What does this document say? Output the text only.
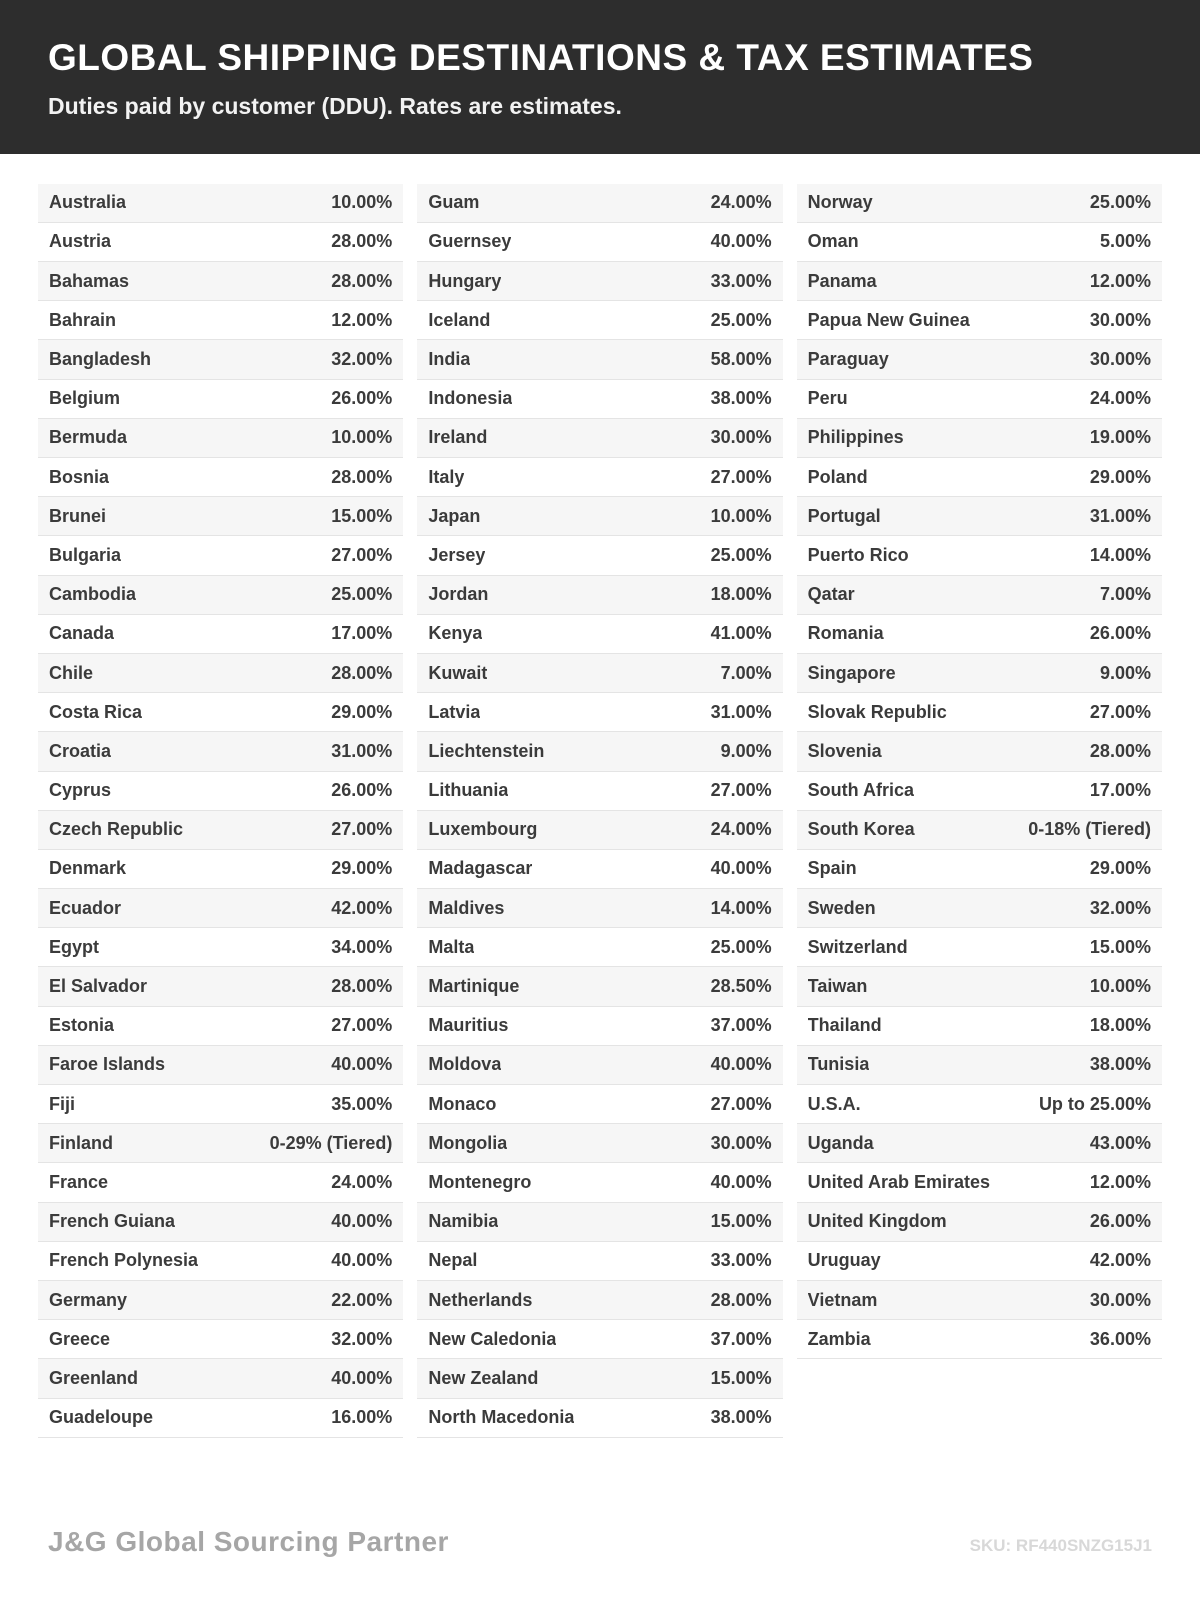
GLOBAL SHIPPING DESTINATIONS & TAX ESTIMATES
Duties paid by customer (DDU). Rates are estimates.
Australia	10.00%
Austria	28.00%
Bahamas	28.00%
Bahrain	12.00%
Bangladesh	32.00%
Belgium	26.00%
Bermuda	10.00%
Bosnia	28.00%
Brunei	15.00%
Bulgaria	27.00%
Cambodia	25.00%
Canada	17.00%
Chile	28.00%
Costa Rica	29.00%
Croatia	31.00%
Cyprus	26.00%
Czech Republic	27.00%
Denmark	29.00%
Ecuador	42.00%
Egypt	34.00%
El Salvador	28.00%
Estonia	27.00%
Faroe Islands	40.00%
Fiji	35.00%
Finland	0-29% (Tiered)
France	24.00%
French Guiana	40.00%
French Polynesia	40.00%
Germany	22.00%
Greece	32.00%
Greenland	40.00%
Guadeloupe	16.00%
Guam	24.00%
Guernsey	40.00%
Hungary	33.00%
Iceland	25.00%
India	58.00%
Indonesia	38.00%
Ireland	30.00%
Italy	27.00%
Japan	10.00%
Jersey	25.00%
Jordan	18.00%
Kenya	41.00%
Kuwait	7.00%
Latvia	31.00%
Liechtenstein	9.00%
Lithuania	27.00%
Luxembourg	24.00%
Madagascar	40.00%
Maldives	14.00%
Malta	25.00%
Martinique	28.50%
Mauritius	37.00%
Moldova	40.00%
Monaco	27.00%
Mongolia	30.00%
Montenegro	40.00%
Namibia	15.00%
Nepal	33.00%
Netherlands	28.00%
New Caledonia	37.00%
New Zealand	15.00%
North Macedonia	38.00%
Norway	25.00%
Oman	5.00%
Panama	12.00%
Papua New Guinea	30.00%
Paraguay	30.00%
Peru	24.00%
Philippines	19.00%
Poland	29.00%
Portugal	31.00%
Puerto Rico	14.00%
Qatar	7.00%
Romania	26.00%
Singapore	9.00%
Slovak Republic	27.00%
Slovenia	28.00%
South Africa	17.00%
South Korea	0-18% (Tiered)
Spain	29.00%
Sweden	32.00%
Switzerland	15.00%
Taiwan	10.00%
Thailand	18.00%
Tunisia	38.00%
U.S.A.	Up to 25.00%
Uganda	43.00%
United Arab Emirates	12.00%
United Kingdom	26.00%
Uruguay	42.00%
Vietnam	30.00%
Zambia	36.00%
J&G Global Sourcing Partner	SKU: RF440SNZG15J1
